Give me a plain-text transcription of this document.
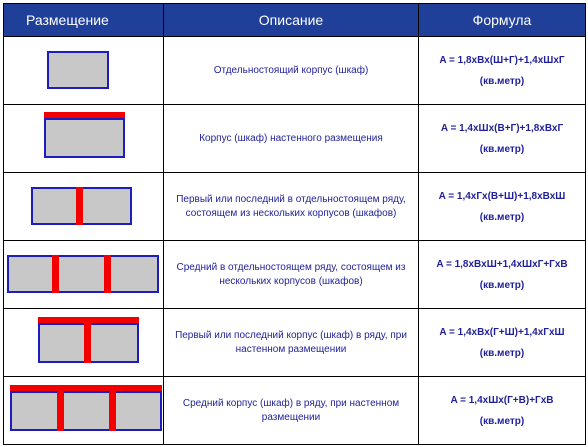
Размещение	Описание	Формула

	Отдельностоящий корпус (шкаф)	A = 1,8хВх(Ш+Г)+1,4хШхГ
(кв.метр)

	Корпус (шкаф) настенного размещения	A = 1,4хШх(В+Г)+1,8хВхГ
(кв.метр)

	Первый или последний в отдельностоящем ряду, состоящем из нескольких корпусов (шкафов)	A = 1,4хГх(В+Ш)+1,8хВхШ
(кв.метр)

	Средний в отдельностоящем ряду, состоящем из нескольких корпусов (шкафов)	A = 1,8хВхШ+1,4хШхГ+ГхВ
(кв.метр)

	Первый или последний корпус (шкаф) в ряду, при настенном размещении	A = 1,4хВх(Г+Ш)+1,4хГхШ
(кв.метр)

	Средний корпус (шкаф) в ряду, при настенном размещении	A = 1,4хШх(Г+В)+ГхВ
(кв.метр)
